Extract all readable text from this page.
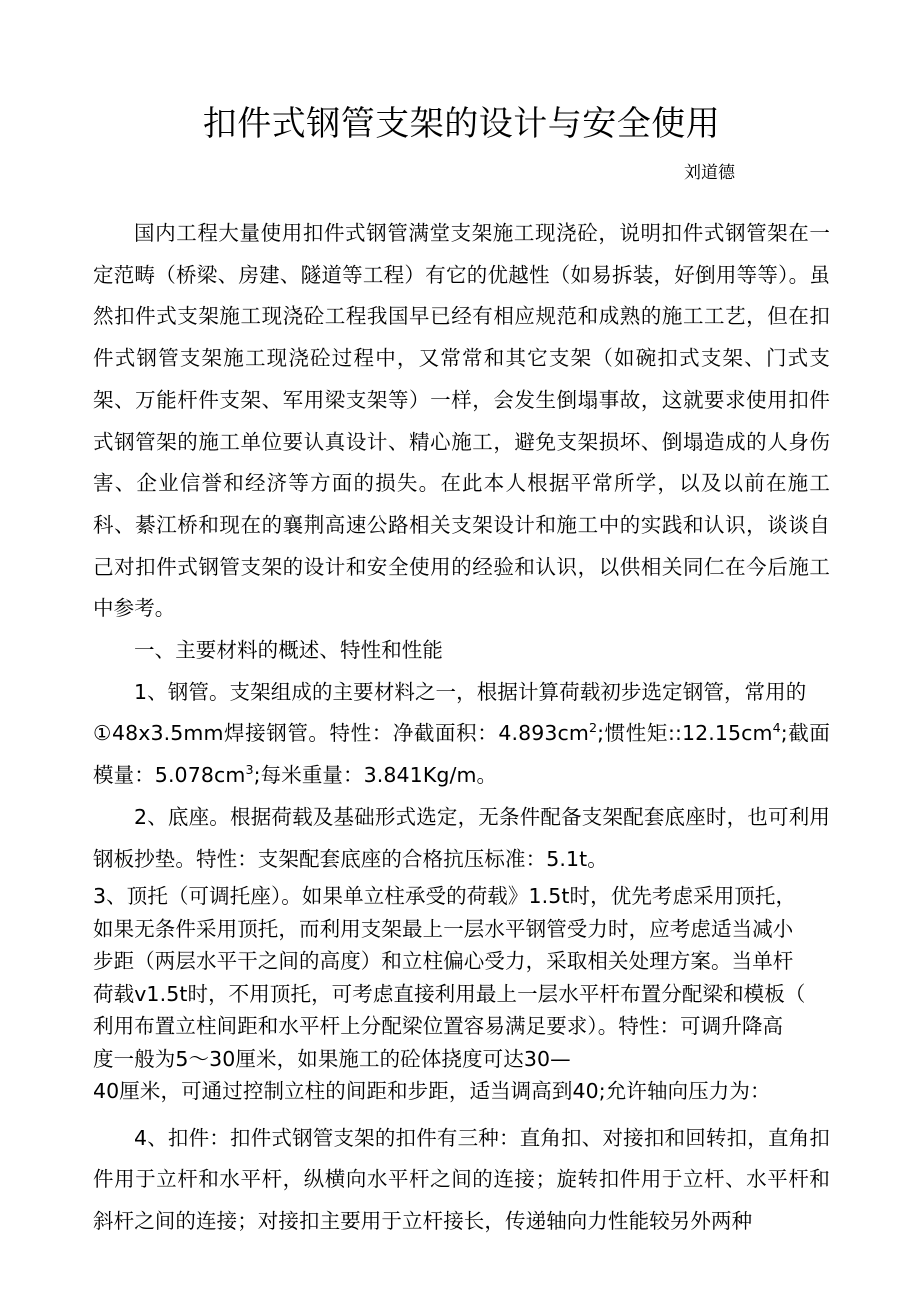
扣件式钢管支架的设计与安全使用

刘道德

国内工程大量使用扣件式钢管满堂支架施工现浇砼，说明扣件式钢管架在一定范畴（桥梁、房建、隧道等工程）有它的优越性（如易拆装，好倒用等等）。虽然扣件式支架施工现浇砼工程我国早已经有相应规范和成熟的施工工艺，但在扣件式钢管支架施工现浇砼过程中，又常常和其它支架（如碗扣式支架、门式支架、万能杆件支架、军用梁支架等）一样，会发生倒塌事故，这就要求使用扣件式钢管架的施工单位要认真设计、精心施工，避免支架损坏、倒塌造成的人身伤害、企业信誉和经济等方面的损失。在此本人根据平常所学，以及以前在施工科、綦江桥和现在的襄荆高速公路相关支架设计和施工中的实践和认识，谈谈自己对扣件式钢管支架的设计和安全使用的经验和认识，以供相关同仁在今后施工中参考。

一、主要材料的概述、特性和性能

1、钢管。支架组成的主要材料之一，根据计算荷载初步选定钢管，常用的

①48x3.5mm焊接钢管。特性：净截面积：$4.893cm^2$;惯性矩$::12.15cm^4$;截面模量：$5.078cm^3$;每米重量：3.841Kg/m。

2、底座。根据荷载及基础形式选定，无条件配备支架配套底座时，也可利用钢板抄垫。特性：支架配套底座的合格抗压标准：5.1t。

3、顶托（可调托座）。如果单立柱承受的荷载》1.5t时，优先考虑采用顶托，

如果无条件采用顶托，而利用支架最上一层水平钢管受力时，应考虑适当减小

步距（两层水平干之间的高度）和立柱偏心受力，采取相关处理方案。当单杆

荷载v1.5t时，不用顶托，可考虑直接利用最上一层水平杆布置分配梁和模板（

利用布置立柱间距和水平杆上分配梁位置容易满足要求）。特性：可调升降高

度一般为5～30厘米，如果施工的砼体挠度可达30—

40厘米，可通过控制立柱的间距和步距，适当调高到40;允许轴向压力为：

4、扣件：扣件式钢管支架的扣件有三种：直角扣、对接扣和回转扣，直角扣件用于立杆和水平杆，纵横向水平杆之间的连接；旋转扣件用于立杆、水平杆和斜杆之间的连接；对接扣主要用于立杆接长，传递轴向力性能较另外两种
